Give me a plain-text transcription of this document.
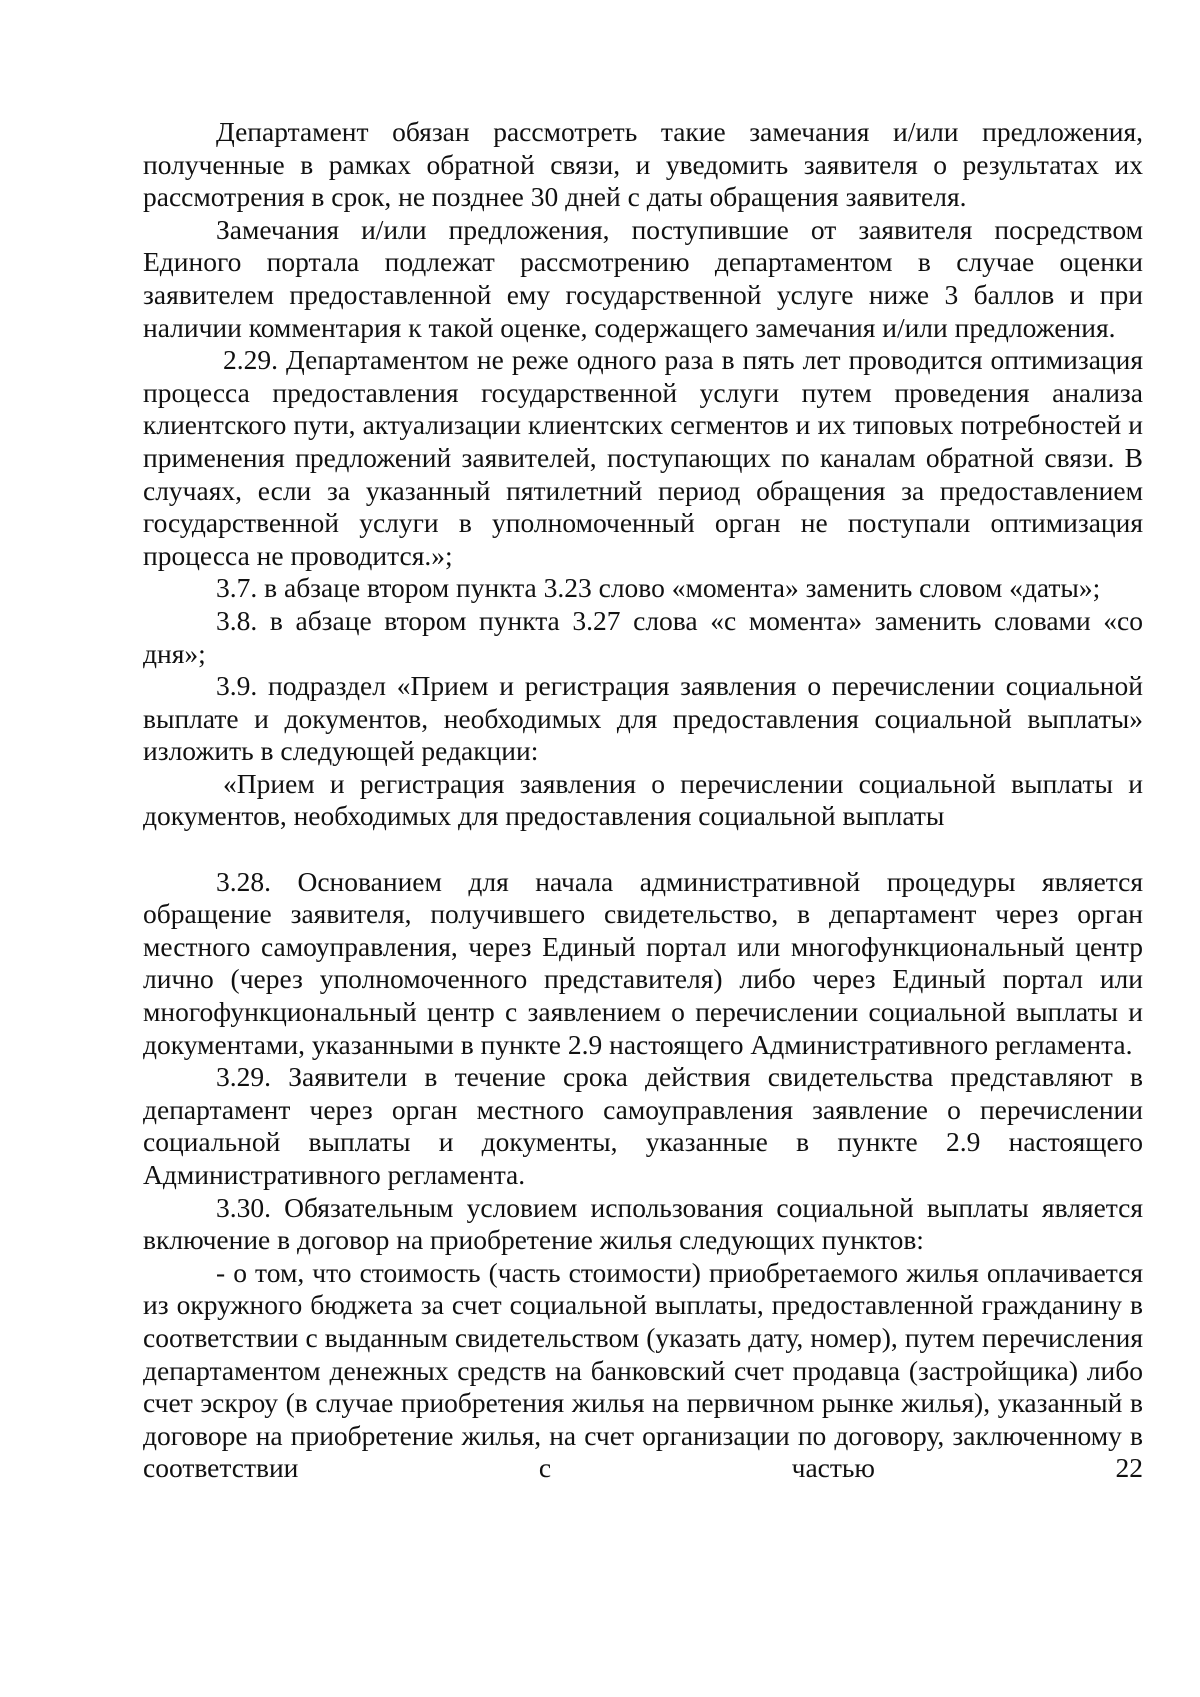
Департамент обязан рассмотреть такие замечания и/или предложения, полученные в рамках обратной связи, и уведомить заявителя о результатах их рассмотрения в срок, не позднее 30 дней с даты обращения заявителя.

Замечания и/или предложения, поступившие от заявителя посредством Единого портала подлежат рассмотрению департаментом в случае оценки заявителем предоставленной ему государственной услуге ниже 3 баллов и при наличии комментария к такой оценке, содержащего замечания и/или предложения.

2.29. Департаментом не реже одного раза в пять лет проводится оптимизация процесса предоставления государственной услуги путем проведения анализа клиентского пути, актуализации клиентских сегментов и их типовых потребностей и применения предложений заявителей, поступающих по каналам обратной связи. В случаях, если за указанный пятилетний период обращения за предоставлением государственной услуги в уполномоченный орган не поступали оптимизация процесса не проводится.»;

3.7. в абзаце втором пункта 3.23 слово «момента» заменить словом «даты»;

3.8. в абзаце втором пункта 3.27 слова «с момента» заменить словами «со дня»;

3.9. подраздел «Прием и регистрация заявления о перечислении социальной выплате и документов, необходимых для предоставления социальной выплаты» изложить в следующей редакции:

«Прием и регистрация заявления о перечислении социальной выплаты и документов, необходимых для предоставления социальной выплаты

3.28. Основанием для начала административной процедуры является обращение заявителя, получившего свидетельство, в департамент через орган местного самоуправления, через Единый портал или многофункциональный центр лично (через уполномоченного представителя) либо через Единый портал или многофункциональный центр с заявлением о перечислении социальной выплаты и документами, указанными в пункте 2.9 настоящего Административного регламента.

3.29. Заявители в течение срока действия свидетельства представляют в департамент через орган местного самоуправления заявление о перечислении социальной выплаты и документы, указанные в пункте 2.9 настоящего Административного регламента.

3.30. Обязательным условием использования социальной выплаты является включение в договор на приобретение жилья следующих пунктов:

- о том, что стоимость (часть стоимости) приобретаемого жилья оплачивается из окружного бюджета за счет социальной выплаты, предоставленной гражданину в соответствии с выданным свидетельством (указать дату, номер), путем перечисления департаментом денежных средств на банковский счет продавца (застройщика) либо счет эскроу (в случае приобретения жилья на первичном рынке жилья), указанный в договоре на приобретение жилья, на счет организации по договору, заключенному в соответствии с частью 22
